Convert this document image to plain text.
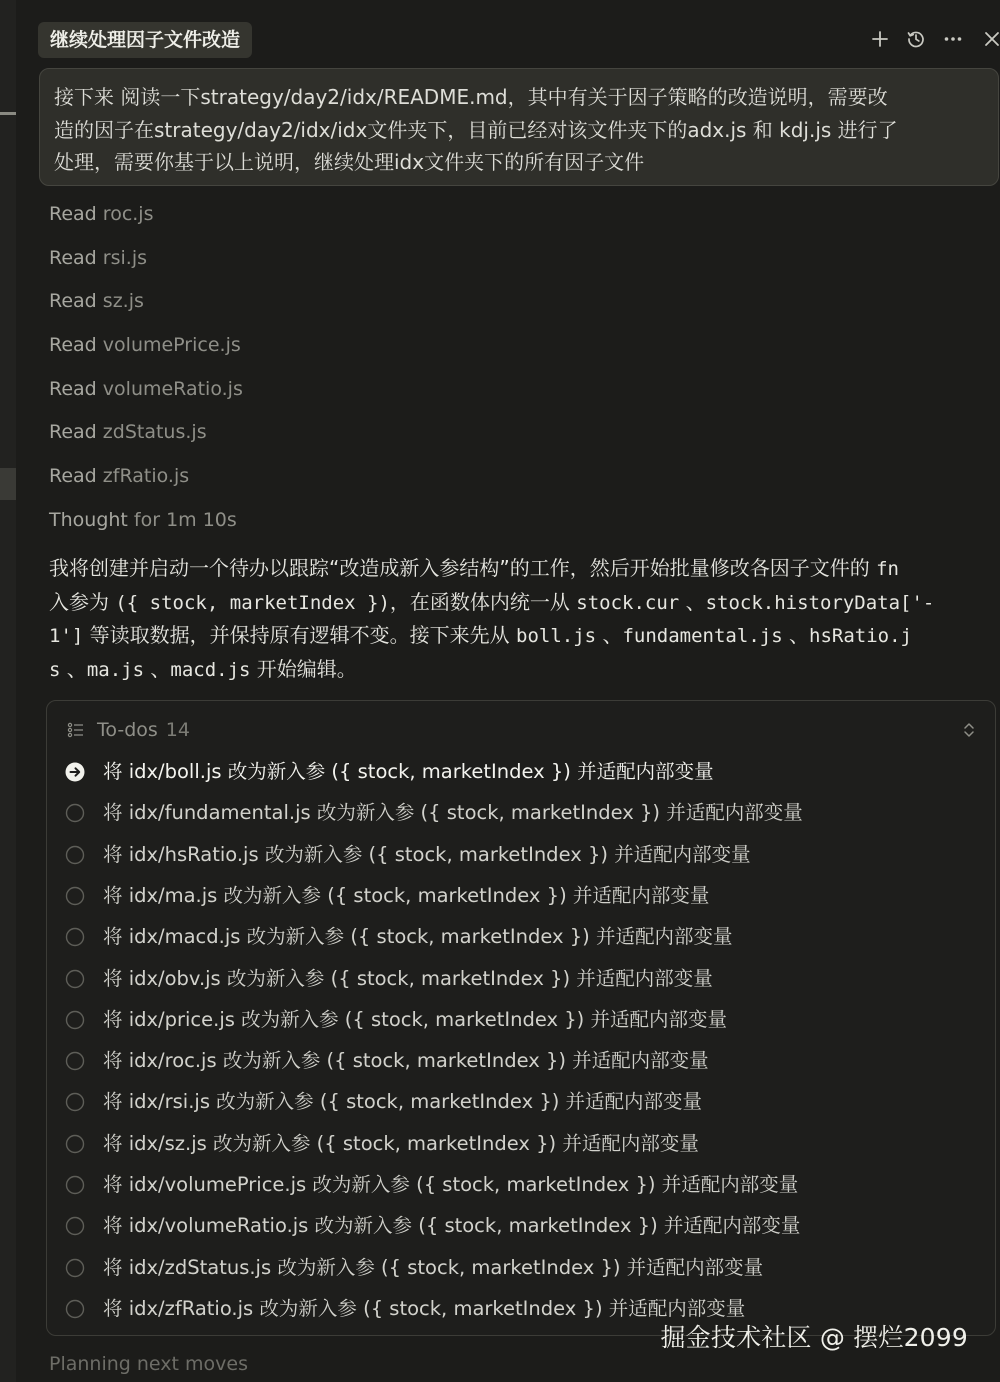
继续处理因子文件改造
接下来 阅读一下strategy/day2/idx/README.md，其中有关于因子策略的改造说明，需要改
造的因子在strategy/day2/idx/idx文件夹下，目前已经对该文件夹下的adx.js 和 kdj.js 进行了
处理，需要你基于以上说明，继续处理idx文件夹下的所有因子文件
Read roc.js
Read rsi.js
Read sz.js
Read volumePrice.js
Read volumeRatio.js
Read zdStatus.js
Read zfRatio.js
Thought for 1m 10s
我将创建并启动一个待办以跟踪“改造成新入参结构”的工作，然后开始批量修改各因子文件的 fn
入参为 ({ stock, marketIndex })，在函数体内统一从 stock.cur 、stock.historyData['-
1'] 等读取数据，并保持原有逻辑不变。接下来先从 boll.js 、fundamental.js 、hsRatio.j
s 、ma.js 、macd.js 开始编辑。
To-dos 14
将 idx/boll.js 改为新入参 ({ stock, marketIndex }) 并适配内部变量
将 idx/fundamental.js 改为新入参 ({ stock, marketIndex }) 并适配内部变量
将 idx/hsRatio.js 改为新入参 ({ stock, marketIndex }) 并适配内部变量
将 idx/ma.js 改为新入参 ({ stock, marketIndex }) 并适配内部变量
将 idx/macd.js 改为新入参 ({ stock, marketIndex }) 并适配内部变量
将 idx/obv.js 改为新入参 ({ stock, marketIndex }) 并适配内部变量
将 idx/price.js 改为新入参 ({ stock, marketIndex }) 并适配内部变量
将 idx/roc.js 改为新入参 ({ stock, marketIndex }) 并适配内部变量
将 idx/rsi.js 改为新入参 ({ stock, marketIndex }) 并适配内部变量
将 idx/sz.js 改为新入参 ({ stock, marketIndex }) 并适配内部变量
将 idx/volumePrice.js 改为新入参 ({ stock, marketIndex }) 并适配内部变量
将 idx/volumeRatio.js 改为新入参 ({ stock, marketIndex }) 并适配内部变量
将 idx/zdStatus.js 改为新入参 ({ stock, marketIndex }) 并适配内部变量
将 idx/zfRatio.js 改为新入参 ({ stock, marketIndex }) 并适配内部变量
掘金技术社区 @ 摆烂2099
Planning next moves
